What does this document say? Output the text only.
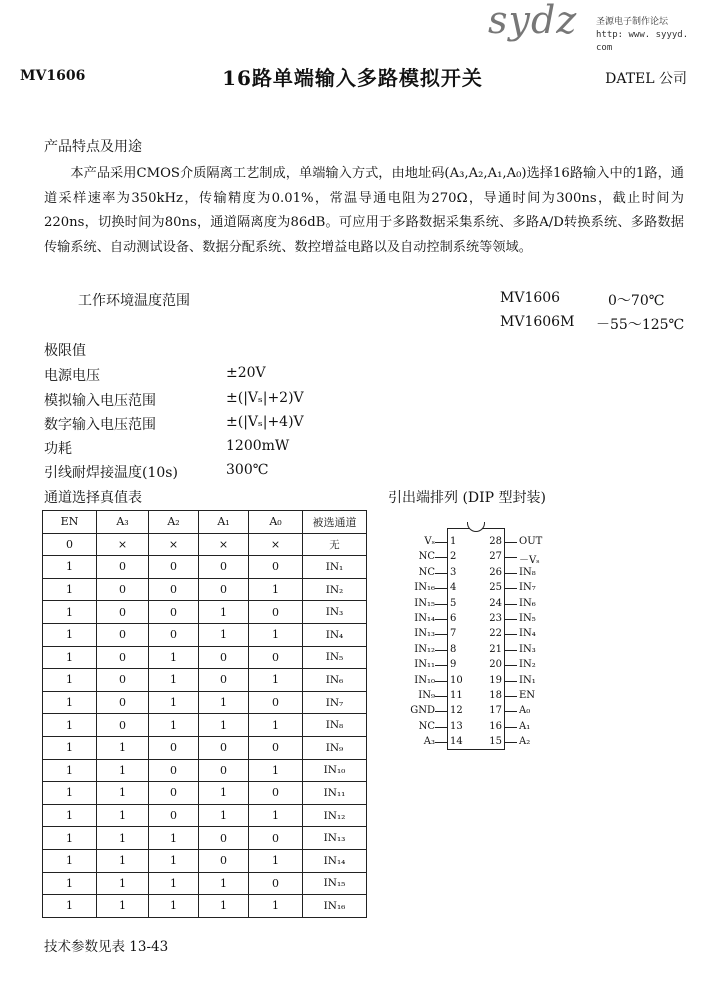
sydz 圣源电子制作论坛
http: www. syyyd. com
MV1606	16路单端输入多路模拟开关	DATEL 公司
产品特点及用途

本产品采用CMOS介质隔离工艺制成，单端输入方式，由地址码(A₃,A₂,A₁,A₀)选择16路输入中的1路，通道采样速率为350kHz，传输精度为0.01%，常温导通电阻为270Ω，导通时间为300ns，截止时间为220ns，切换时间为80ns，通道隔离度为86dB。可应用于多路数据采集系统、多路A/D转换系统、多路数据传输系统、自动测试设备、数据分配系统、数控增益电路以及自动控制系统等领域。

工作环境温度范围	MV1606	0～70℃
MV1606M －55～125℃
极限值
电源电压	±20V
模拟输入电压范围	±(|Vₛ|+2)V
数字输入电压范围	±(|Vₛ|+4)V
功耗	1200mW
引线耐焊接温度(10s)	300℃
通道选择真值表
EN	A₃	A₂	A₁	A₀	被选通道
0	×	×	×	×	无
1	0	0	0	0	IN₁
1	0	0	0	1	IN₂
1	0	0	1	0	IN₃
1	0	0	1	1	IN₄
1	0	1	0	0	IN₅
1	0	1	0	1	IN₆
1	0	1	1	0	IN₇
1	0	1	1	1	IN₈
1	1	0	0	0	IN₉
1	1	0	0	1	IN₁₀
1	1	0	1	0	IN₁₁
1	1	0	1	1	IN₁₂
1	1	1	0	0	IN₁₃
1	1	1	0	1	IN₁₄
1	1	1	1	0	IN₁₅
1	1	1	1	1	IN₁₆
引出端排列 (DIP 型封装)
Vₛ 1
NC 2
NC 3
IN₁₆ 4
IN₁₅ 5
IN₁₄ 6
IN₁₃ 7
IN₁₂ 8
IN₁₁ 9
IN₁₀ 10
IN₉ 11
GND 12
NC 13
A₃ 14
28 OUT
27 －Vₛ
26 IN₈
25 IN₇
24 IN₆
23 IN₅
22 IN₄
21 IN₃
20 IN₂
19 IN₁
18 EN
17 A₀
16 A₁
15 A₂
技术参数见表 13-43
